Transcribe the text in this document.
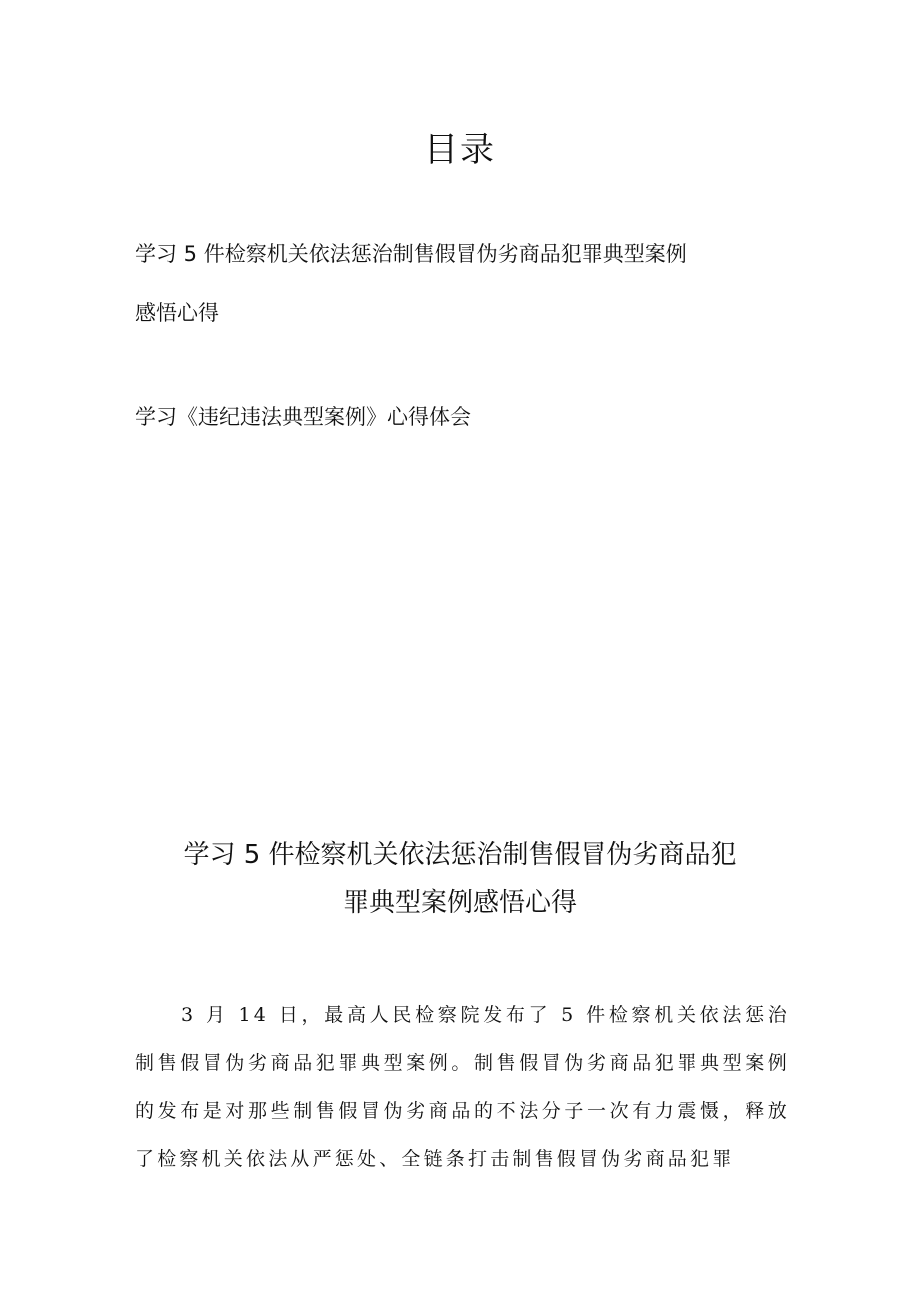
目录
学习 5 件检察机关依法惩治制售假冒伪劣商品犯罪典型案例
感悟心得
学习《违纪违法典型案例》心得体会
学习 5 件检察机关依法惩治制售假冒伪劣商品犯
罪典型案例感悟心得

3 月 14 日，最高人民检察院发布了 5 件检察机关依法惩治制售假冒伪劣商品犯罪典型案例。制售假冒伪劣商品犯罪典型案例的发布是对那些制售假冒伪劣商品的不法分子一次有力震慑，释放了检察机关依法从严惩处、全链条打击制售假冒伪劣商品犯罪
